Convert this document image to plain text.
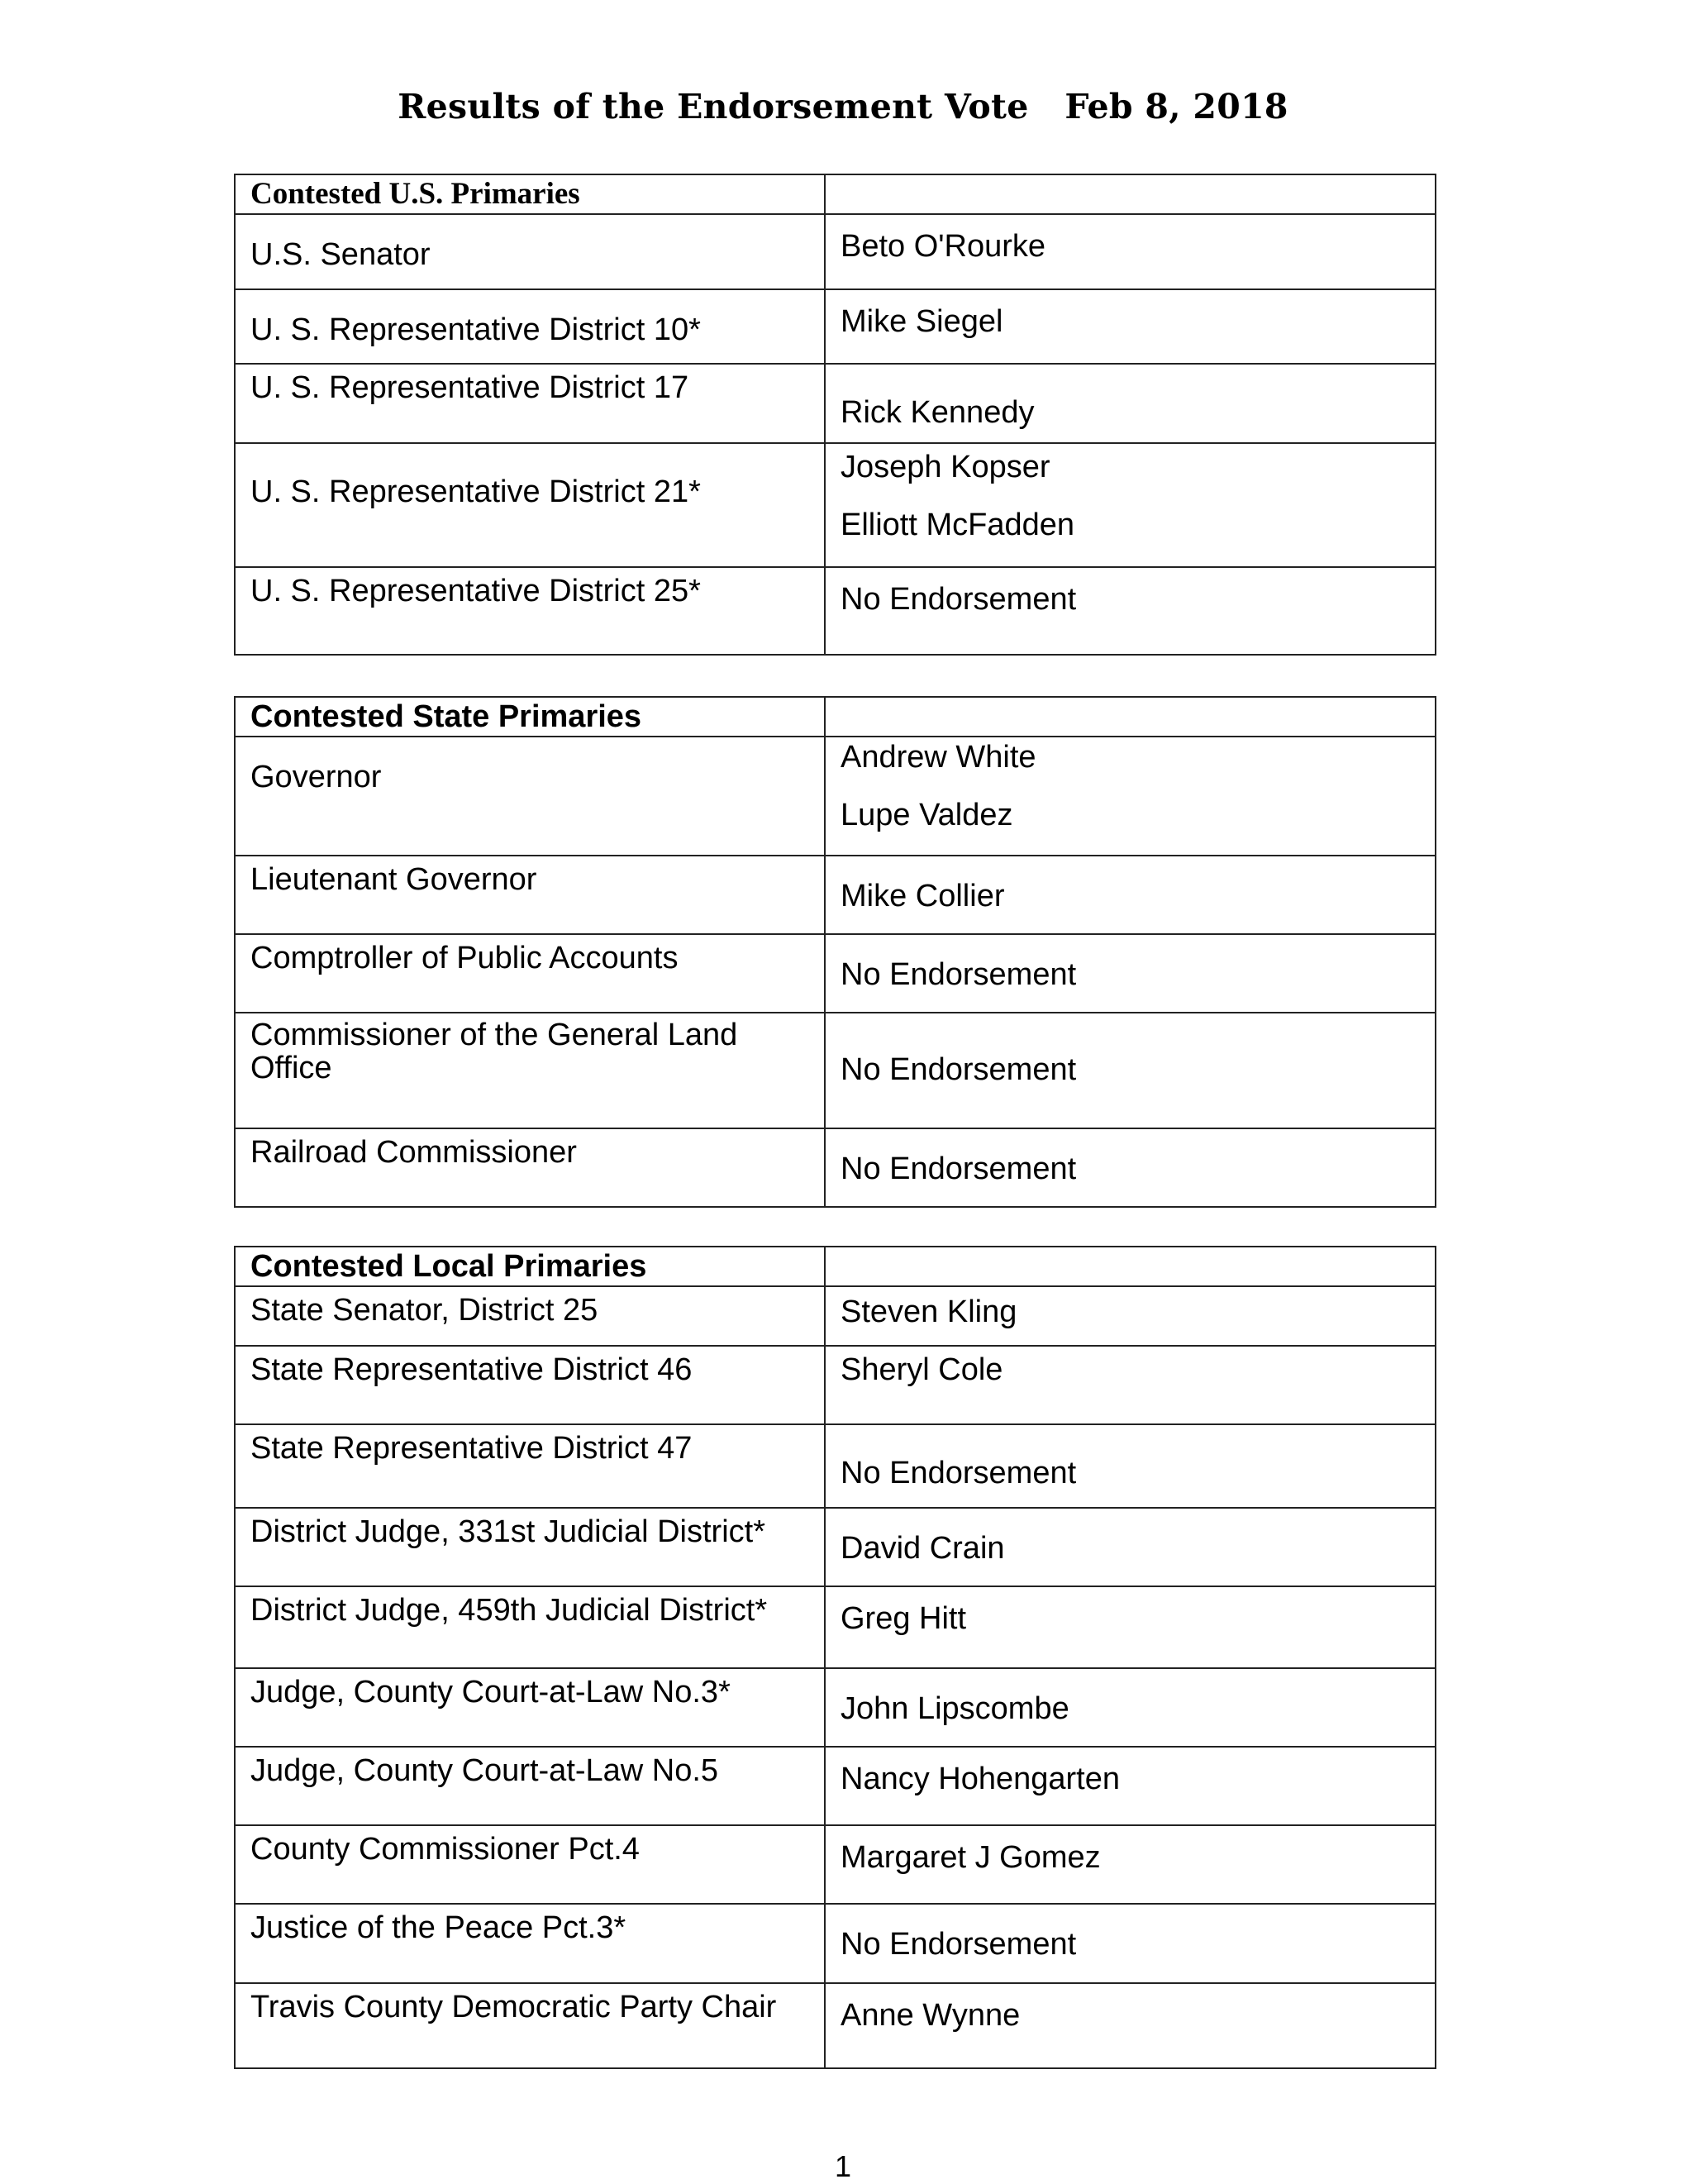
Results of the Endorsement Vote   Feb 8, 2018
Contested U.S. Primaries	
U.S. Senator	Beto O'Rourke
U. S. Representative District 10*	Mike Siegel
U. S. Representative District 17	Rick Kennedy
U. S. Representative District 21*	Joseph Kopser
Elliott McFadden

U. S. Representative District 25*	No Endorsement
Contested State Primaries	
Governor	Andrew White
Lupe Valdez

Lieutenant Governor	Mike Collier
Comptroller of Public Accounts	No Endorsement
Commissioner of the General Land Office	No Endorsement
Railroad Commissioner	No Endorsement
Contested Local Primaries	
State Senator, District 25	Steven Kling
State Representative District 46	Sheryl Cole
State Representative District 47	No Endorsement
District Judge, 331st Judicial District*	David Crain
District Judge, 459th Judicial District*	Greg Hitt
Judge, County Court-at-Law No.3*	John Lipscombe
Judge, County Court-at-Law No.5	Nancy Hohengarten
County Commissioner Pct.4	Margaret J Gomez
Justice of the Peace Pct.3*	No Endorsement
Travis County Democratic Party Chair	Anne Wynne
1
